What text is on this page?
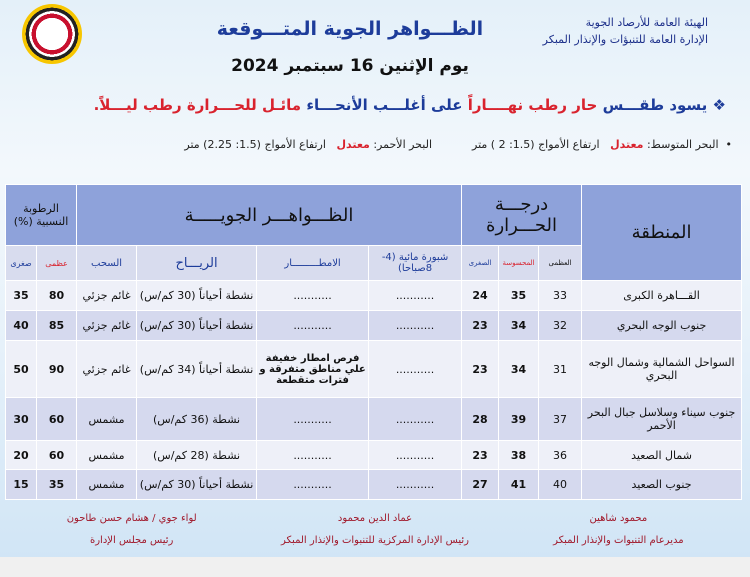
الهيئة العامة للأرصاد الجوية
الإدارة العامة للتنبؤات والإنذار المبكر
الظـــواهر الجوية المتـــوقعة
يوم الإثنين 16 سبتمبر 2024
❖ يسود طقـــس حار رطب نهــــاراً على أغلـــب الأنحـــاء مائـل للحـــرارة رطب ليـــلاً.
•  البحر المتوسط: معتدل   ارتفاع الأمواج (1.5: 2 ) متر
البحر الأحمر: معتدل   ارتفاع الأمواج (1.5: 2.25) متر
المنطقة	درجـــة الحـــرارة			الظـــواهـــر الجويـــــة				الرطوبة النسبية (%)	
	العظمى	المحسوسة	الصغرى	شبورة مائية (4-8صباحا)	الامطـــــــــار	الريـــاح	السحب	عظمى	صغرى
القـــاهرة الكبرى	33	35	24	...........	...........	نشطة أحياناً (30 كم/س)	غائم جزئي	80	35
جنوب الوجه البحري	32	34	23	...........	...........	نشطة أحياناً (30 كم/س)	غائم جزئي	85	40
السواحل الشمالية وشمال الوجه البحري	31	34	23	...........	فرص امطار خفيفة علي مناطق متفرقة و فترات متقطعة	نشطة أحياناً (34 كم/س)	غائم جزئي	90	50
جنوب سيناء وسلاسل جبال البحر الأحمر	37	39	28	...........	...........	نشطة (36 كم/س)	مشمس	60	30
شمال الصعيد	36	38	23	...........	...........	نشطة (28 كم/س)	مشمس	60	20
جنوب الصعيد	40	41	27	...........	...........	نشطة أحياناً (30 كم/س)	مشمس	35	15
محمود شاهين
مديرعام التنبوات والإنذار المبكر
عماد الدين محمود
رئيس الإدارة المركزية للتنبوات والإنذار المبكر
لواء جوي / هشام حسن طاحون
رئيس مجلس الإدارة
